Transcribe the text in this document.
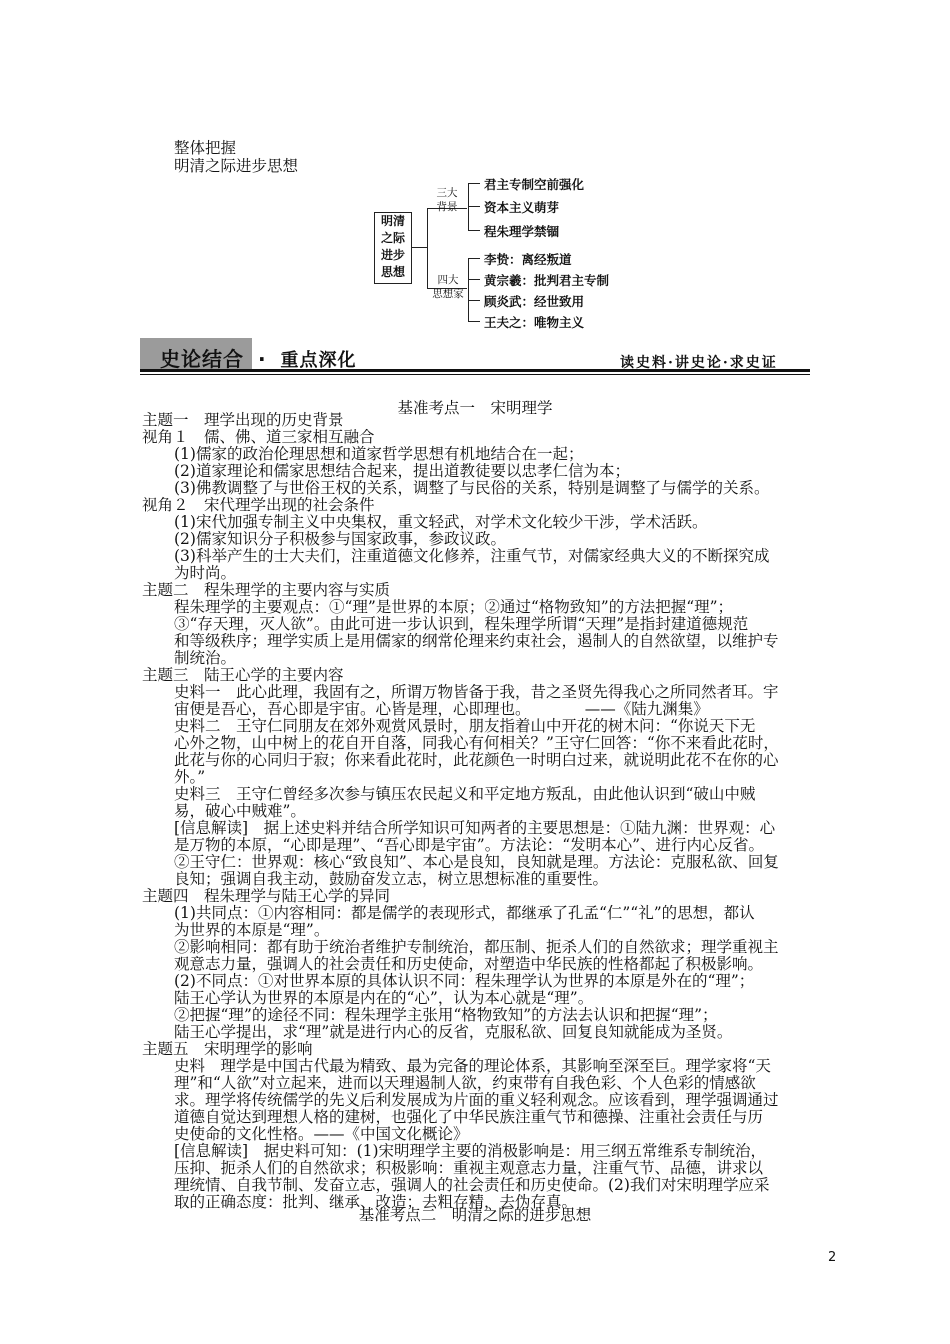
整体把握
明清之际进步思想
明清
之际
进步
思想
三大
背景
四大
思想家
君主专制空前强化
资本主义萌芽
程朱理学禁锢
李贽：离经叛道
黄宗羲：批判君主专制
顾炎武：经世致用
王夫之：唯物主义
史论结合 · 重点深化	读史料·讲史论·求史证
基准考点一　宋明理学
主题一　理学出现的历史背景
视角１　儒、佛、道三家相互融合
(1)儒家的政治伦理思想和道家哲学思想有机地结合在一起；
(2)道家理论和儒家思想结合起来，提出道教徒要以忠孝仁信为本；
(3)佛教调整了与世俗王权的关系，调整了与民俗的关系，特别是调整了与儒学的关系。
视角２　宋代理学出现的社会条件
(1)宋代加强专制主义中央集权，重文轻武，对学术文化较少干涉，学术活跃。
(2)儒家知识分子积极参与国家政事，参政议政。
(3)科举产生的士大夫们，注重道德文化修养，注重气节，对儒家经典大义的不断探究成
为时尚。
主题二　程朱理学的主要内容与实质
程朱理学的主要观点：①“理”是世界的本原；②通过“格物致知”的方法把握“理”；
③“存天理，灭人欲”。由此可进一步认识到，程朱理学所谓“天理”是指封建道德规范
和等级秩序；理学实质上是用儒家的纲常伦理来约束社会，遏制人的自然欲望，以维护专
制统治。
主题三　陆王心学的主要内容
史料一　此心此理，我固有之，所谓万物皆备于我，昔之圣贤先得我心之所同然者耳。宇
宙便是吾心，吾心即是宇宙。心皆是理，心即理也。　　　　——《陆九渊集》
史料二　王守仁同朋友在郊外观赏风景时，朋友指着山中开花的树木问：“你说天下无
心外之物，山中树上的花自开自落，同我心有何相关？”王守仁回答：“你不来看此花时，
此花与你的心同归于寂；你来看此花时，此花颜色一时明白过来，就说明此花不在你的心
外。”
史料三　王守仁曾经多次参与镇压农民起义和平定地方叛乱，由此他认识到“破山中贼
易，破心中贼难”。
[信息解读]　据上述史料并结合所学知识可知两者的主要思想是：①陆九渊：世界观：心
是万物的本原，“心即是理”、“吾心即是宇宙”。方法论：“发明本心”、进行内心反省。
②王守仁：世界观：核心“致良知”、本心是良知，良知就是理。方法论：克服私欲、回复
良知；强调自我主动，鼓励奋发立志，树立思想标准的重要性。
主题四　程朱理学与陆王心学的异同
(1)共同点：①内容相同：都是儒学的表现形式，都继承了孔孟“仁”“礼”的思想，都认
为世界的本原是“理”。
②影响相同：都有助于统治者维护专制统治，都压制、扼杀人们的自然欲求；理学重视主
观意志力量，强调人的社会责任和历史使命，对塑造中华民族的性格都起了积极影响。
(2)不同点：①对世界本原的具体认识不同：程朱理学认为世界的本原是外在的“理”；
陆王心学认为世界的本原是内在的“心”，认为本心就是“理”。
②把握“理”的途径不同：程朱理学主张用“格物致知”的方法去认识和把握“理”；
陆王心学提出，求“理”就是进行内心的反省，克服私欲、回复良知就能成为圣贤。
主题五　宋明理学的影响
史料　理学是中国古代最为精致、最为完备的理论体系，其影响至深至巨。理学家将“天
理”和“人欲”对立起来，进而以天理遏制人欲，约束带有自我色彩、个人色彩的情感欲
求。理学将传统儒学的先义后利发展成为片面的重义轻利观念。应该看到，理学强调通过
道德自觉达到理想人格的建树，也强化了中华民族注重气节和德操、注重社会责任与历
史使命的文化性格。——《中国文化概论》
[信息解读]　据史料可知：(1)宋明理学主要的消极影响是：用三纲五常维系专制统治，
压抑、扼杀人们的自然欲求；积极影响：重视主观意志力量，注重气节、品德，讲求以
理统情、自我节制、发奋立志，强调人的社会责任和历史使命。(2)我们对宋明理学应采
取的正确态度：批判、继承、改造；去粗存精，去伪存真。
基准考点二　明清之际的进步思想
2
